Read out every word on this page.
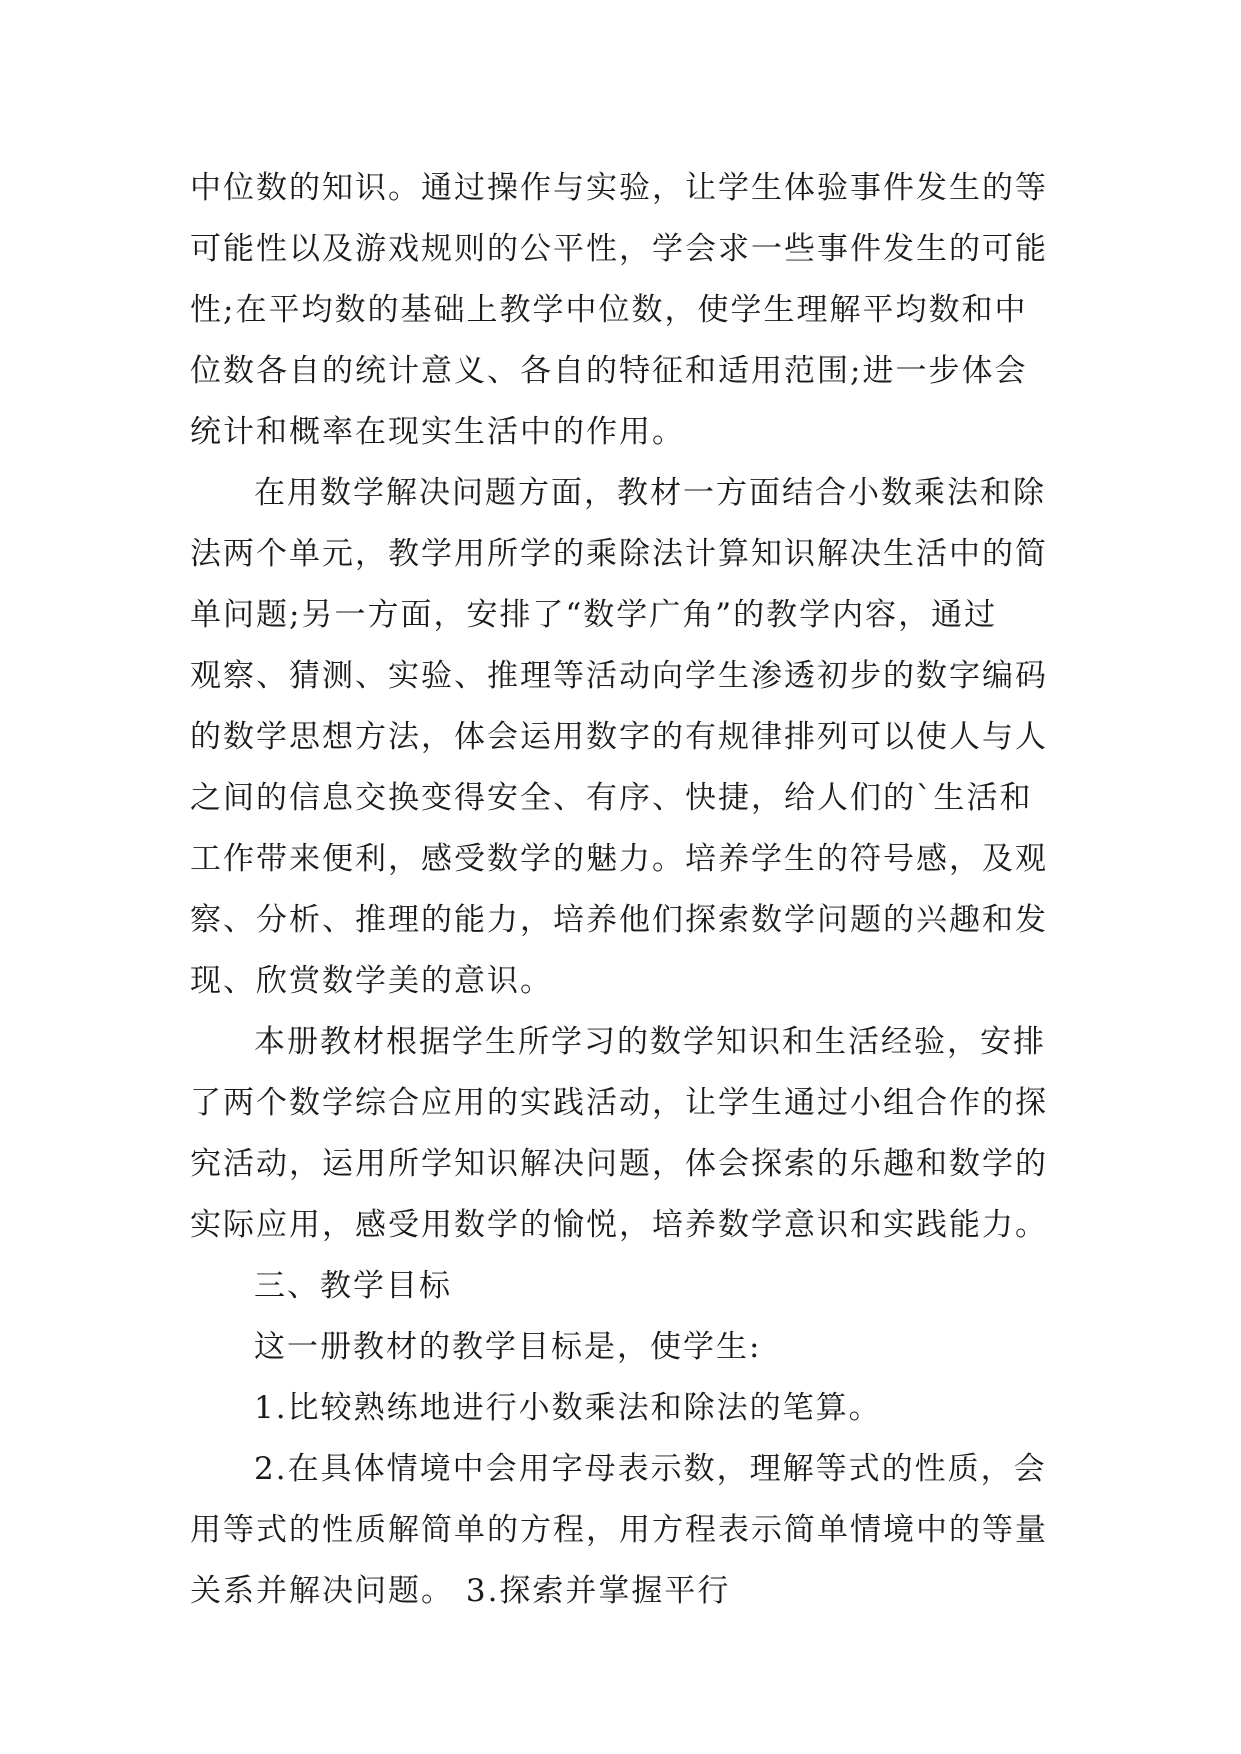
中位数的知识。通过操作与实验，让学生体验事件发生的等
可能性以及游戏规则的公平性，学会求一些事件发生的可能
性;在平均数的基础上教学中位数，使学生理解平均数和中
位数各自的统计意义、各自的特征和适用范围;进一步体会
统计和概率在现实生活中的作用。
在用数学解决问题方面，教材一方面结合小数乘法和除
法两个单元，教学用所学的乘除法计算知识解决生活中的简
单问题;另一方面，安排了“数学广角”的教学内容，通过
观察、猜测、实验、推理等活动向学生渗透初步的数字编码
的数学思想方法，体会运用数字的有规律排列可以使人与人
之间的信息交换变得安全、有序、快捷，给人们的`生活和
工作带来便利，感受数学的魅力。培养学生的符号感，及观
察、分析、推理的能力，培养他们探索数学问题的兴趣和发
现、欣赏数学美的意识。
本册教材根据学生所学习的数学知识和生活经验，安排
了两个数学综合应用的实践活动，让学生通过小组合作的探
究活动，运用所学知识解决问题，体会探索的乐趣和数学的
实际应用，感受用数学的愉悦，培养数学意识和实践能力。
三、教学目标
这一册教材的教学目标是，使学生:
1.比较熟练地进行小数乘法和除法的笔算。
2.在具体情境中会用字母表示数，理解等式的性质，会
用等式的性质解简单的方程，用方程表示简单情境中的等量
关系并解决问题。 3.探索并掌握平行
